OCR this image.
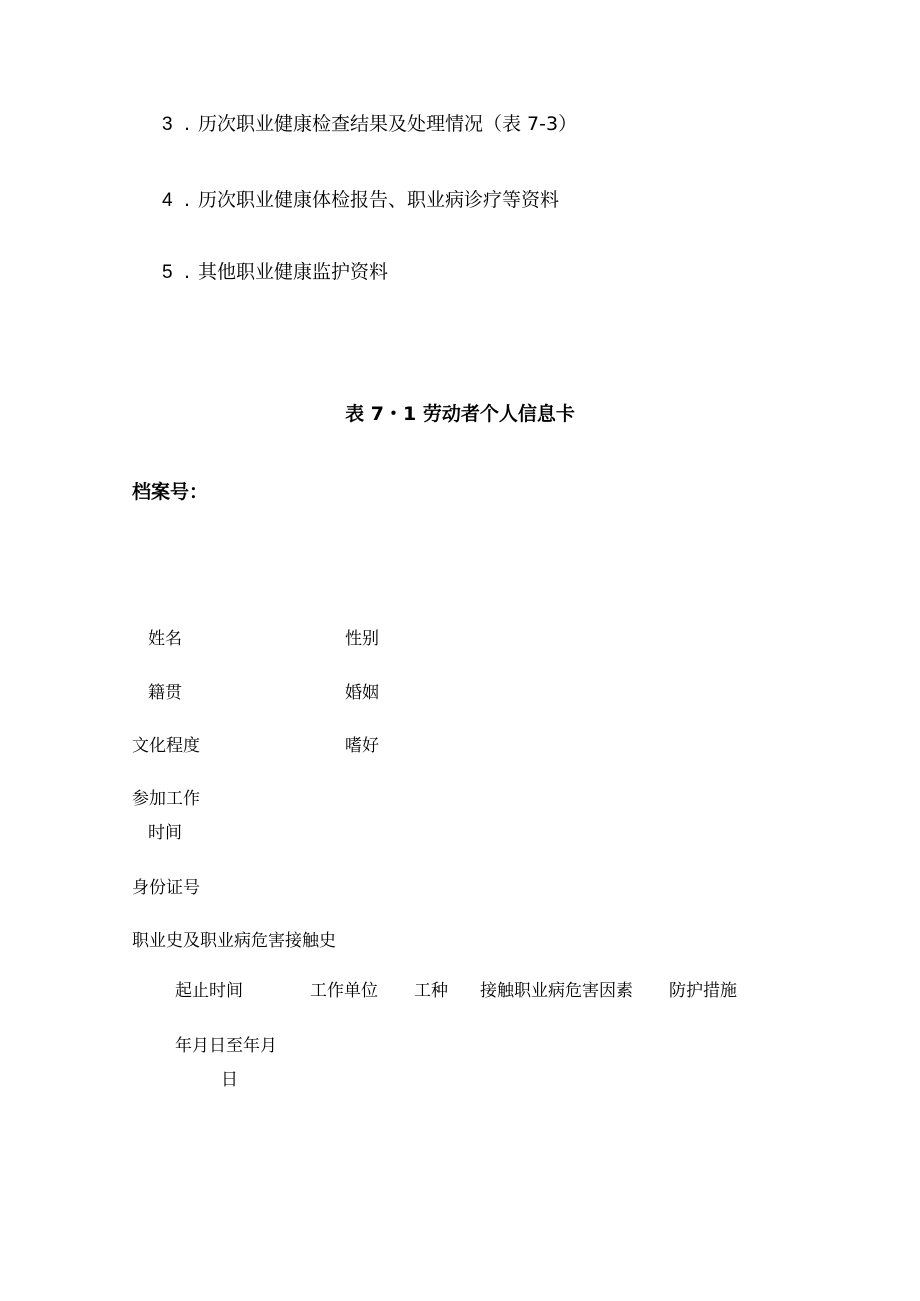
3 . 历次职业健康检查结果及处理情况（表 7-3）
4 . 历次职业健康体检报告、职业病诊疗等资料
5 . 其他职业健康监护资料
表 7・1 劳动者个人信息卡
档案号：
姓名	性别
籍贯	婚姻
文化程度	嗜好
参加工作
时间
身份证号
职业史及职业病危害接触史
起止时间	工作单位 工种 接触职业病危害因素 防护措施
年月日至年月
日
